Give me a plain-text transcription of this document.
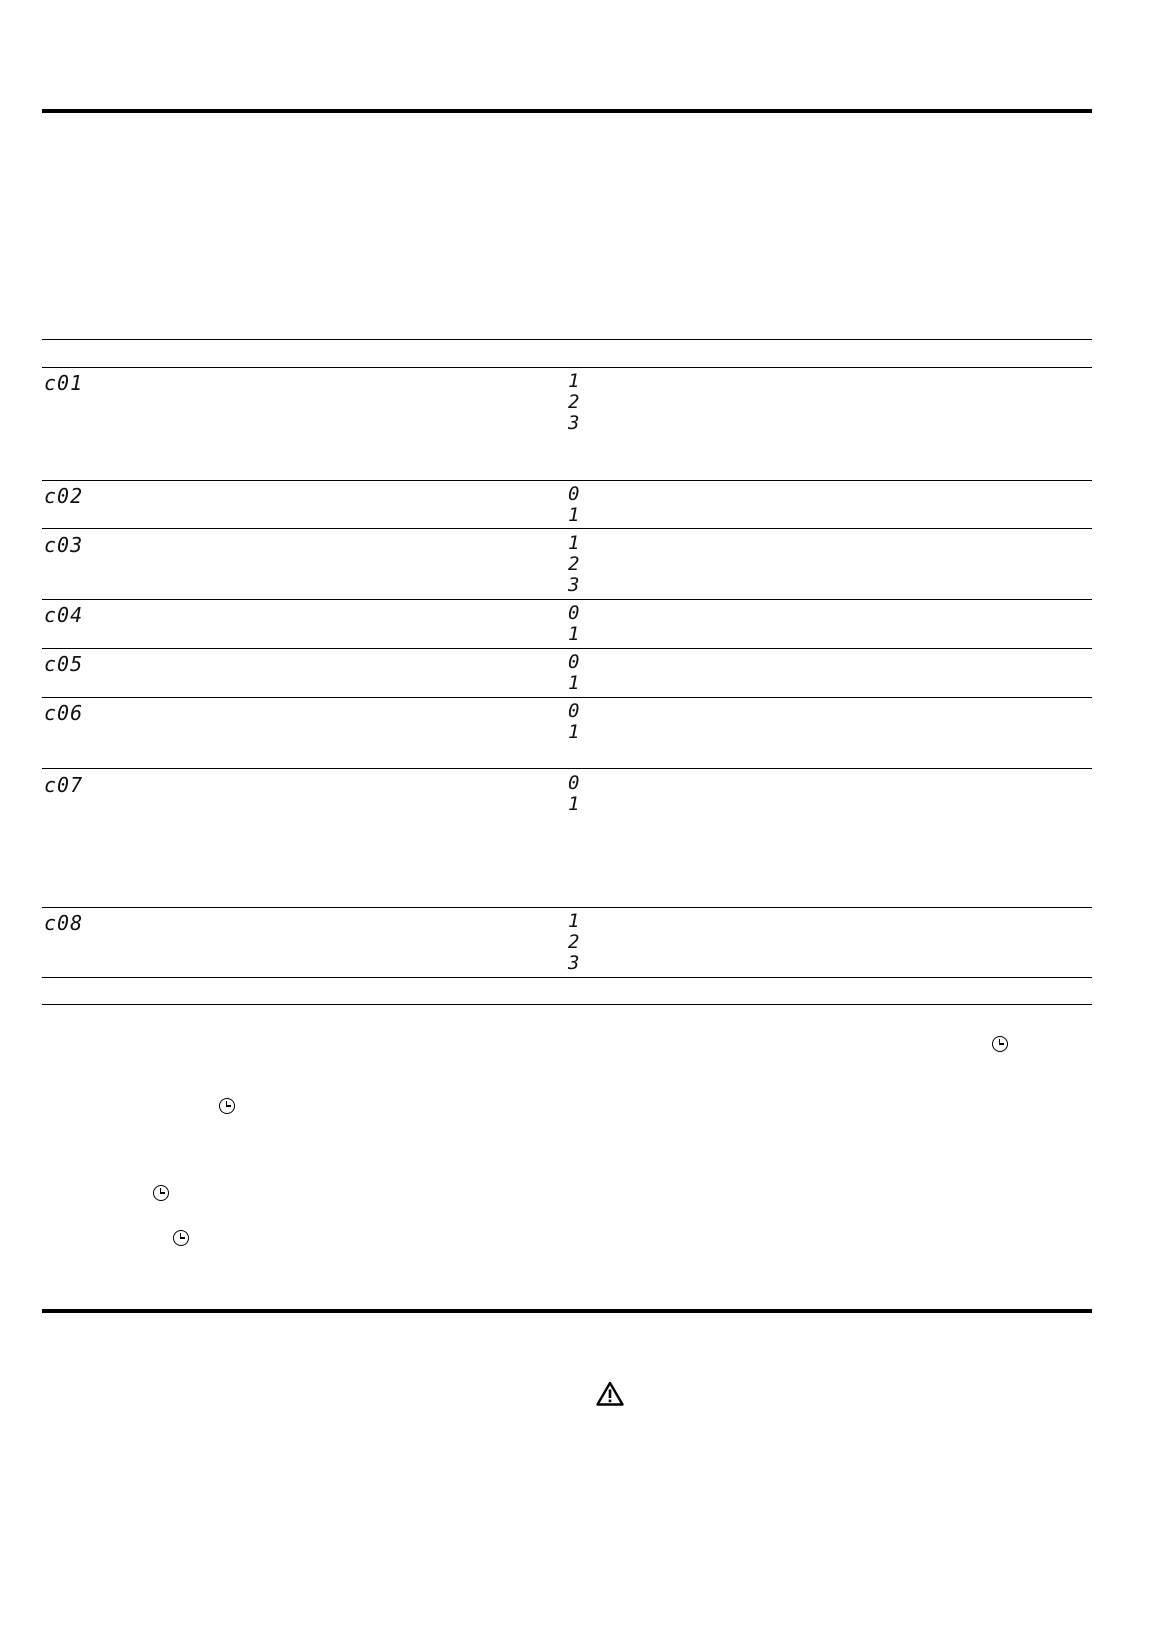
c01	1
2
3
c02	0
1
c03	1
2
3
c04	0
1
c05	0
1
c06	0
1
c07	0
1
c08	1
2
3
